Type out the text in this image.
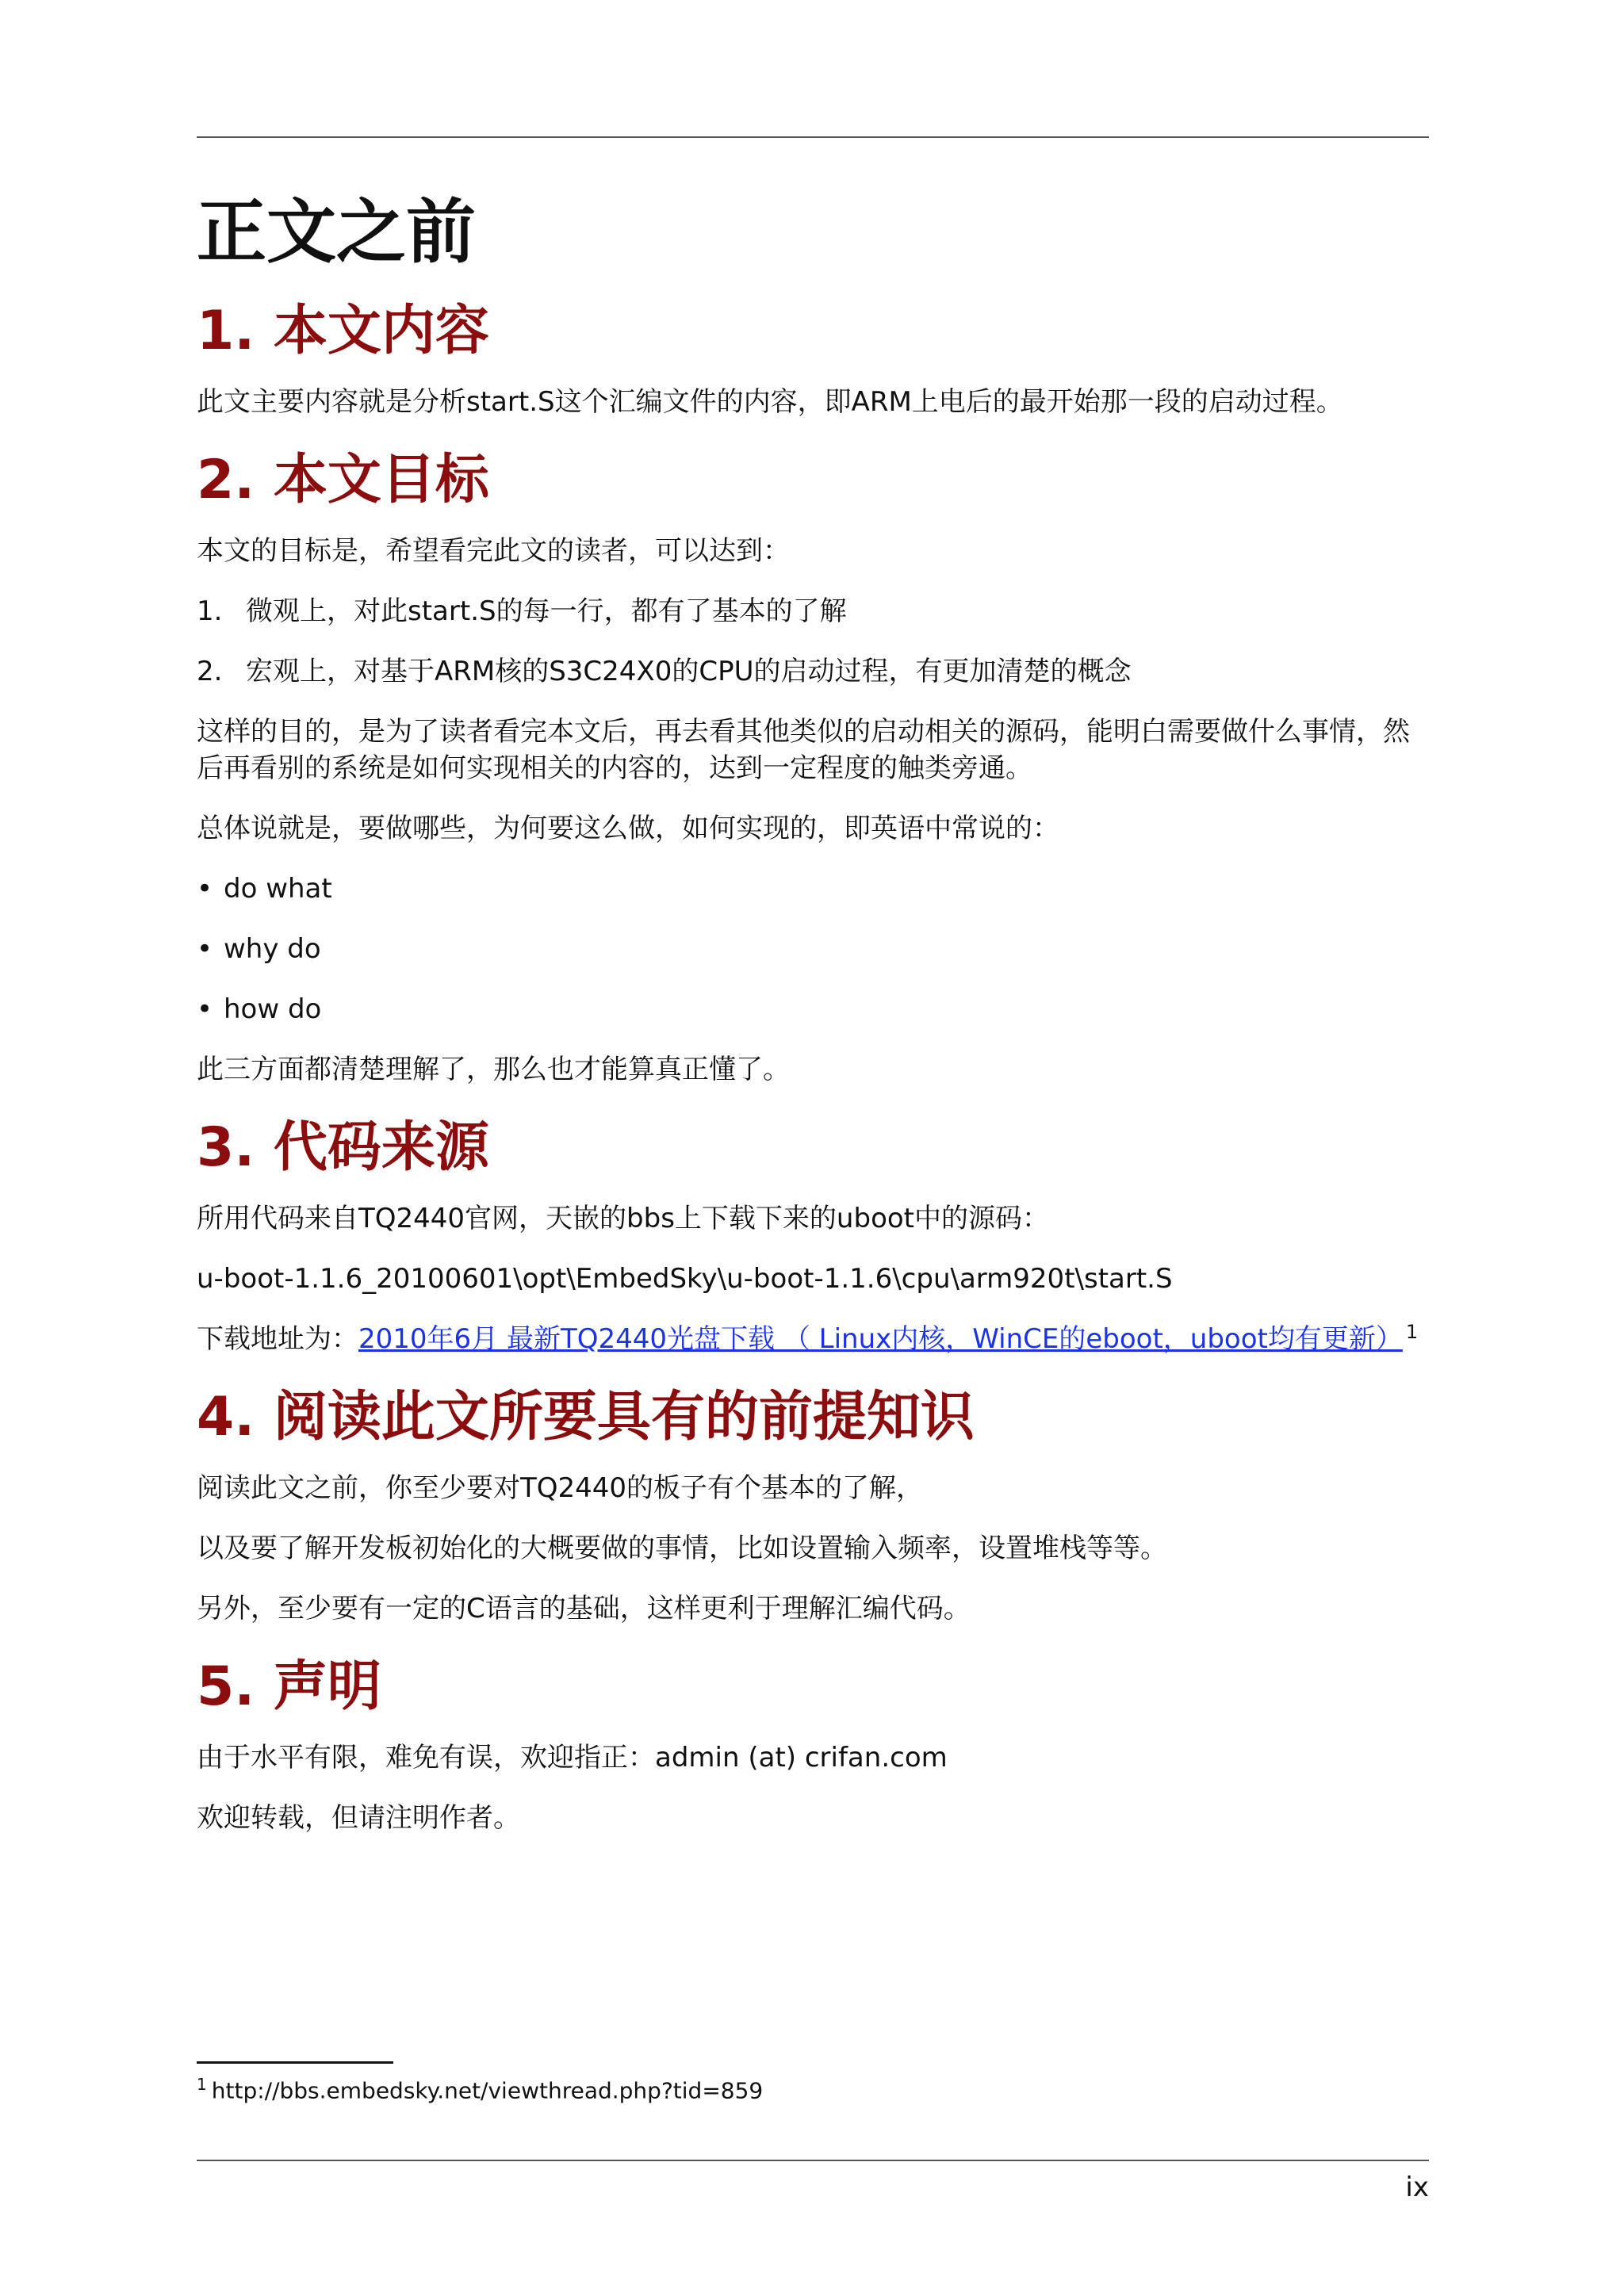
正文之前
1. 本文内容

此文主要内容就是分析start.S这个汇编文件的内容，即ARM上电后的最开始那一段的启动过程。

2. 本文目标

本文的目标是，希望看完此文的读者，可以达到：

1. 微观上，对此start.S的每一行，都有了基本的了解
2. 宏观上，对基于ARM核的S3C24X0的CPU的启动过程，有更加清楚的概念

这样的目的，是为了读者看完本文后，再去看其他类似的启动相关的源码，能明白需要做什么事情，然后再看别的系统是如何实现相关的内容的，达到一定程度的触类旁通。

总体说就是，要做哪些，为何要这么做，如何实现的，即英语中常说的：

• do what
• why do
• how do

此三方面都清楚理解了，那么也才能算真正懂了。

3. 代码来源

所用代码来自TQ2440官网，天嵌的bbs上下载下来的uboot中的源码：

u-boot-1.1.6_20100601\opt\EmbedSky\u-boot-1.1.6\cpu\arm920t\start.S

下载地址为：2010年6月 最新TQ2440光盘下载 （ Linux内核，WinCE的eboot，uboot均有更新） $^1$

4. 阅读此文所要具有的前提知识

阅读此文之前，你至少要对TQ2440的板子有个基本的了解，

以及要了解开发板初始化的大概要做的事情，比如设置输入频率，设置堆栈等等。

另外，至少要有一定的C语言的基础，这样更利于理解汇编代码。

5. 声明

由于水平有限，难免有误，欢迎指正：admin (at) crifan.com

欢迎转载，但请注明作者。

$^1$ http://bbs.embedsky.net/viewthread.php?tid=859
ix
